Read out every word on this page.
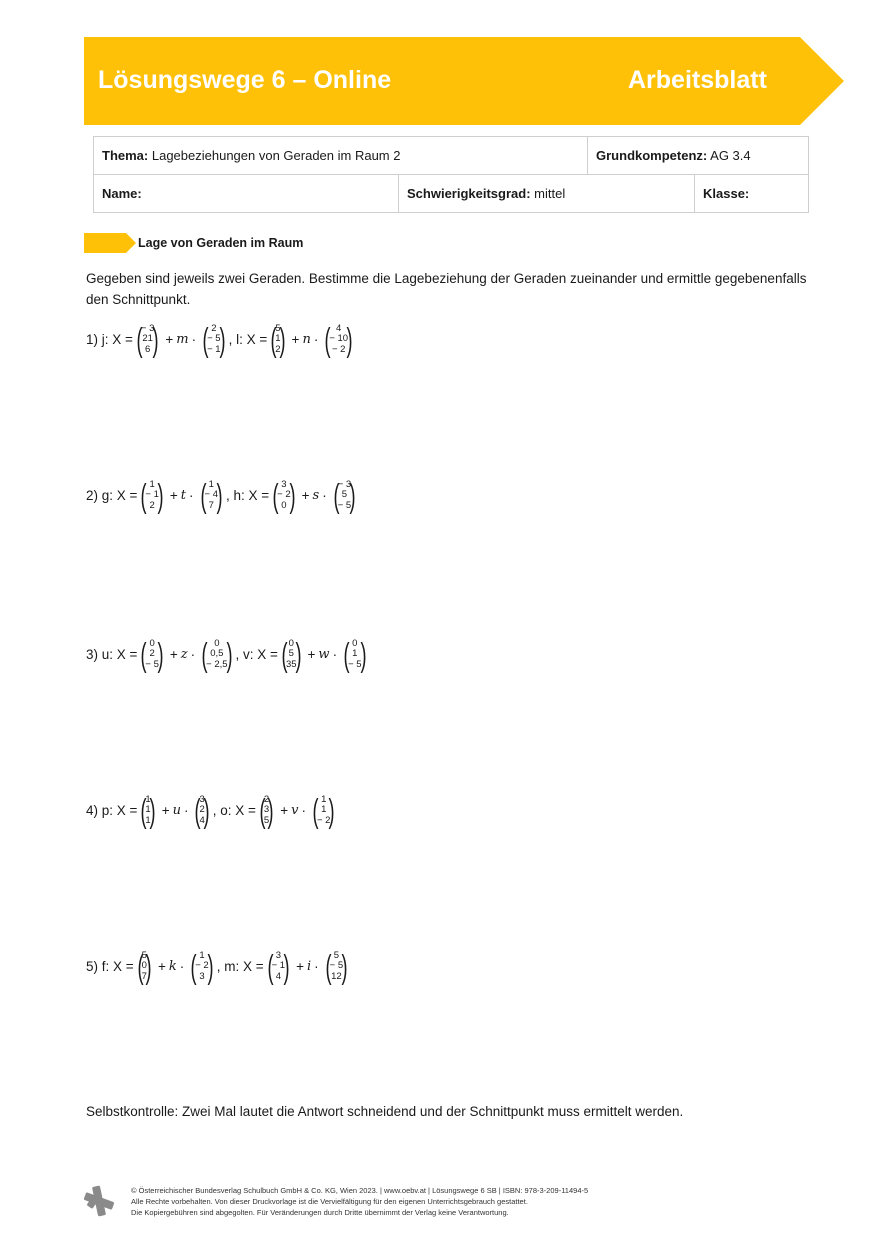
Lösungswege 6 – Online	Arbeitsblatt
Thema: Lagebeziehungen von Geraden im Raum 2		Grundkompetenz: AG 3.4	
Name:	Schwierigkeitsgrad: mittel		Klasse:
Lage von Geraden im Raum
Gegeben sind jeweils zwei Geraden. Bestimme die Lagebeziehung der Geraden zueinander und ermittle gegebenenfalls den Schnittpunkt.
1) j: X = (
− 3
21
6 ) + m · ( 2
− 5
− 1
) , l: X = (
5
1
2
) + n · ( 4
− 10
− 2 )
2) g: X = ( 1
− 1
2 ) + t · ( 1
− 4
7 ) , h: X = ( 3
− 2
0 ) + s · (
− 3
5
− 5
)
3) u: X = ( 0
2
− 5
) + z · ( 0
0,5
− 2,5
) , v: X = ( 0
5
35
) + w · ( 0
1
− 5
)
4) p: X = (
1
1
1
) + u · (
3
2
4
) , o: X = (
2
3
5
) + v · ( 1
1
− 2
)
5) f: X = (
5
0
7
) + k · ( 1
− 2
3 ) , m: X = ( 3
− 1
4 ) + i · ( 5
− 5
12 )
Selbstkontrolle: Zwei Mal lautet die Antwort schneidend und der Schnittpunkt muss ermittelt werden.
© Österreichischer Bundesverlag Schulbuch GmbH & Co. KG, Wien 2023. | www.oebv.at | Lösungswege 6 SB | ISBN: 978-3-209-11494-5
Alle Rechte vorbehalten. Von dieser Druckvorlage ist die Vervielfältigung für den eigenen Unterrichtsgebrauch gestattet.
Die Kopiergebühren sind abgegolten. Für Veränderungen durch Dritte übernimmt der Verlag keine Verantwortung.
